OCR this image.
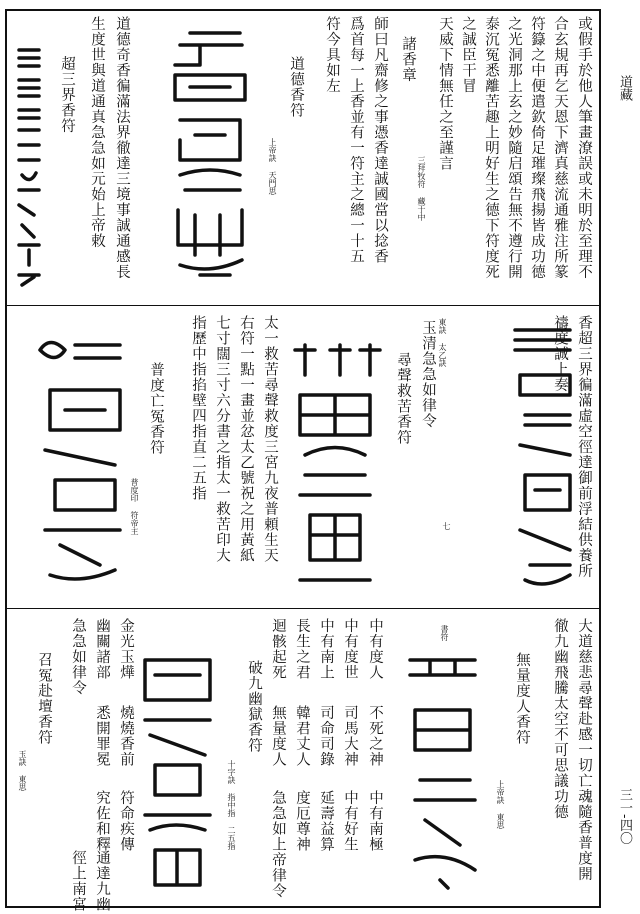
道藏
三一-四〇
或假手於他人筆畫潦誤或未明於至理不
合玄規再乞天恩下濟真慈流通雅注所篆
符籙之中便遣欽倚足璀璨飛揚皆成功德
之光洞那上玄之妙隨启頌告無不遵行開
泰沉冤悉離苦趣上明好生之德下符度死
之誠臣干冒
天威下情無任之至謹言
三拜牧符 藏于中
諸香章
師曰凡齋修之事憑香達誠國當以捻香
爲首每一上香並有一符主之總一十五
符今具如左
道德香符
上帝訣 天門思
道德奇香徧滿法界徹達三境事誠通感長
生度世與道通真急急如元始上帝敕
超三界香符
香超三界徧滿虛空徑達御前浮結供養所
禱度誠上奏
東訣 太乙訣
玉清急急如律令
尋聲救苦香符
七
太一救苦尋聲救度三宮九夜普頼生天
右符一點一畫並忿太乙號祝之用黃紙
七寸闊三寸六分書之指太一救苦印大
指歷中指掐壁四指直二五指
普度亡冤香符
普度印 符帝主
大道慈悲尋聲赴感一切亡魂隨香普度開
徹九幽飛騰太空不可思議功德
無量度人香符
上帝訣 東思
書符
中有度人
不死之神
中有南極
中有度世
司馬大神
中有好生
中有南上
司命司錄
延壽益算
長生之君
韓君丈人
度厄尊神
迴骸起死
無量度人
急急如上帝律令
破九幽獄香符
十字訣 指中指 二五指
金光玉燁
燒燒香前
符命疾傳
幽關諸部
悉開罪冕
究佐和釋
通達九幽
急急如律令
徑上南宮
召冤赴壇香符
玉訣 東思
